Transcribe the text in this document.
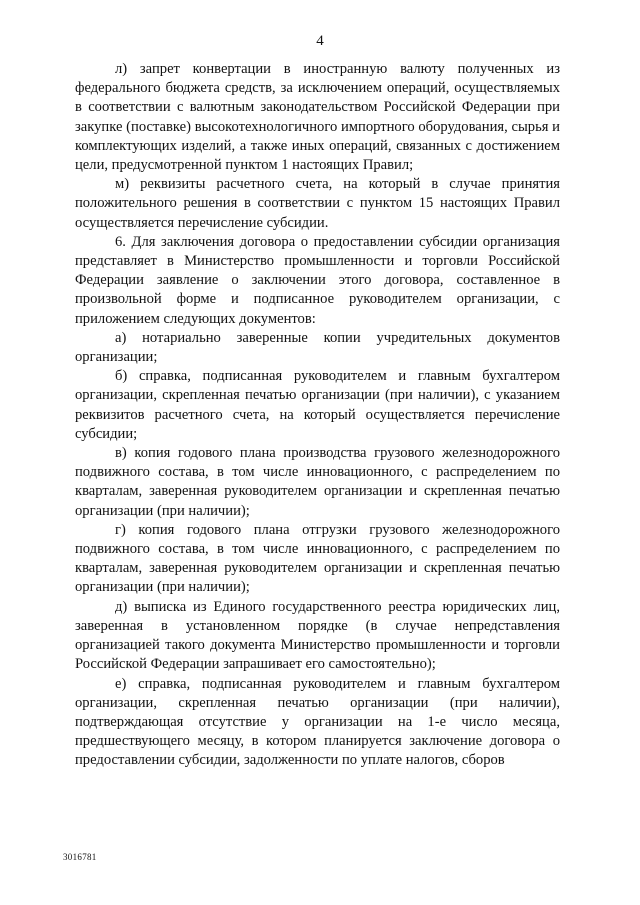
4

л) запрет конвертации в иностранную валюту полученных из федерального бюджета средств, за исключением операций, осуществляемых в соответствии с валютным законодательством Российской Федерации при закупке (поставке) высокотехнологичного импортного оборудования, сырья и комплектующих изделий, а также иных операций, связанных с достижением цели, предусмотренной пунктом 1 настоящих Правил;

м) реквизиты расчетного счета, на который в случае принятия положительного решения в соответствии с пунктом 15 настоящих Правил осуществляется перечисление субсидии.

6. Для заключения договора о предоставлении субсидии организация представляет в Министерство промышленности и торговли Российской Федерации заявление о заключении этого договора, составленное в произвольной форме и подписанное руководителем организации, с приложением следующих документов:

а) нотариально заверенные копии учредительных документов организации;

б) справка, подписанная руководителем и главным бухгалтером организации, скрепленная печатью организации (при наличии), с указанием реквизитов расчетного счета, на который осуществляется перечисление субсидии;

в) копия годового плана производства грузового железнодорожного подвижного состава, в том числе инновационного, с распределением по кварталам, заверенная руководителем организации и скрепленная печатью организации (при наличии);

г) копия годового плана отгрузки грузового железнодорожного подвижного состава, в том числе инновационного, с распределением по кварталам, заверенная руководителем организации и скрепленная печатью организации (при наличии);

д) выписка из Единого государственного реестра юридических лиц, заверенная в установленном порядке (в случае непредставления организацией такого документа Министерство промышленности и торговли Российской Федерации запрашивает его самостоятельно);

е) справка, подписанная руководителем и главным бухгалтером организации, скрепленная печатью организации (при наличии), подтверждающая отсутствие у организации на 1-е число месяца, предшествующего месяцу, в котором планируется заключение договора о предоставлении субсидии, задолженности по уплате налогов, сборов

3016781
